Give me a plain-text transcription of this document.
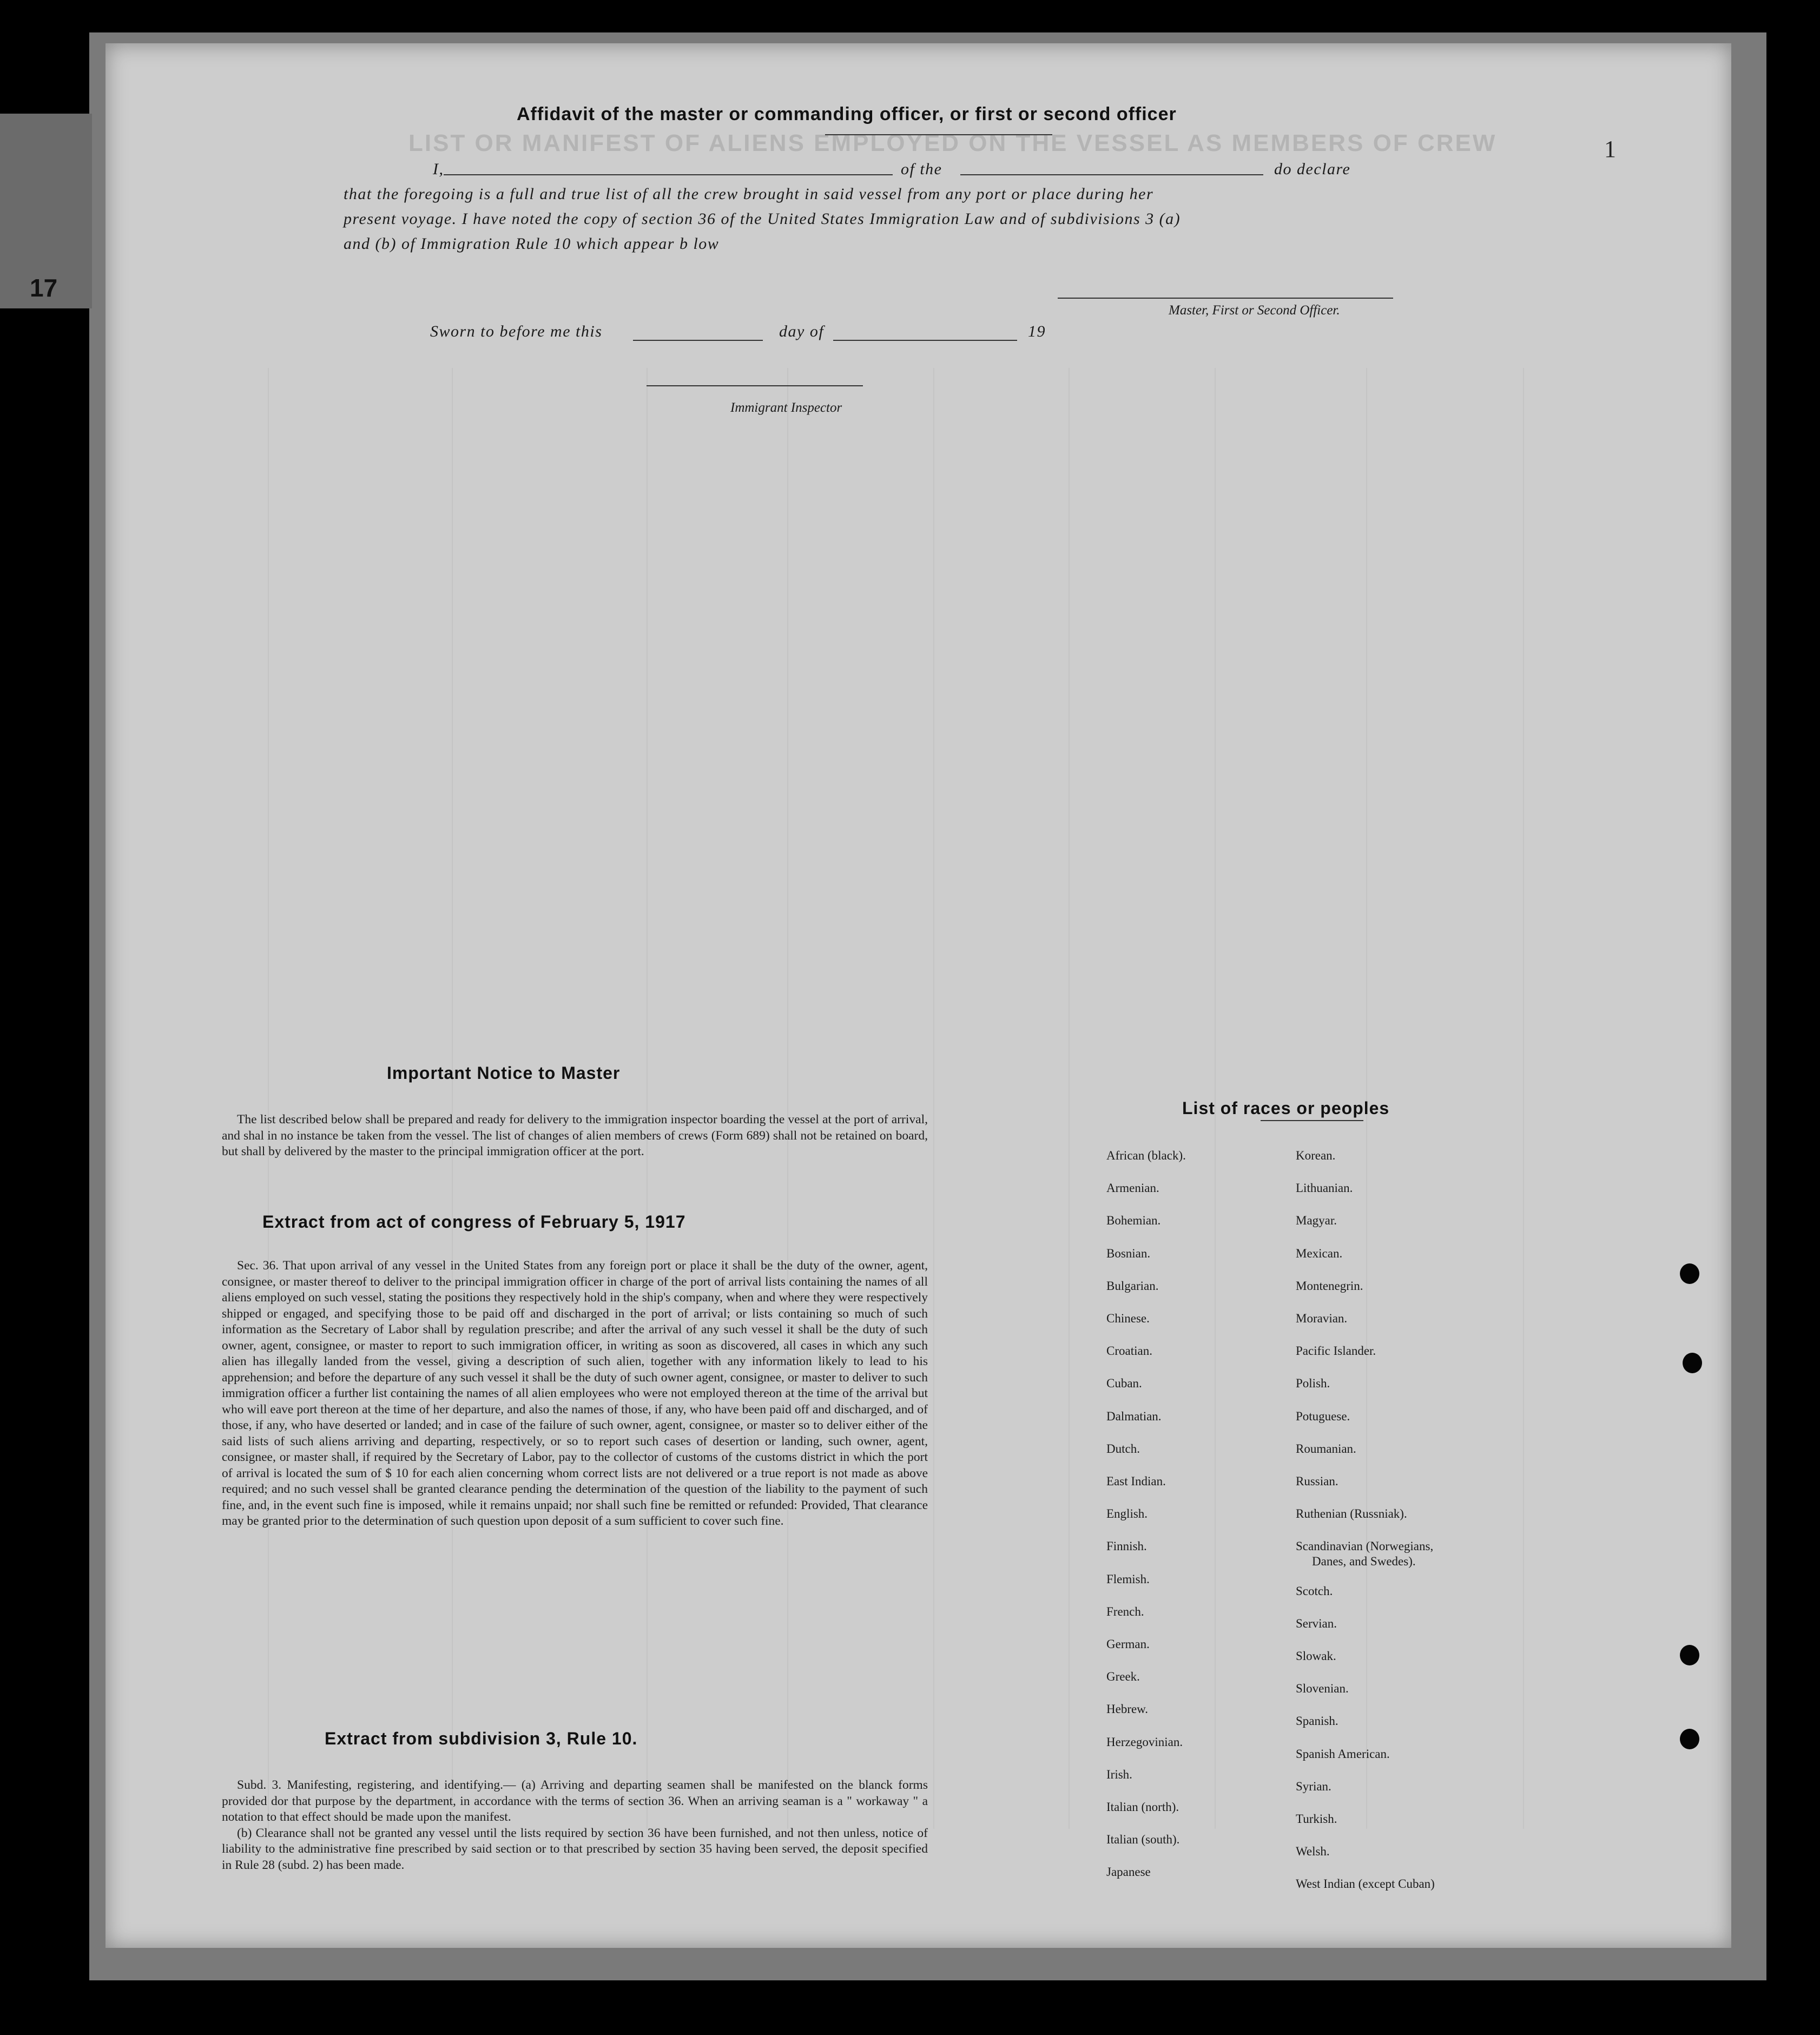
17
LIST OR MANIFEST OF ALIENS EMPLOYED ON THE VESSEL AS MEMBERS OF CREW	1
Affidavit of the master or commanding officer, or first or second officer
I,	of the	do declare
that the foregoing is a full and true list of all the crew brought in said vessel from any port or place during her
present voyage. I have noted the copy of section 36 of the United States Immigration Law and of subdivisions 3 (a)
and (b) of Immigration Rule 10 which appear b low
Master, First or Second Officer.
Sworn to before me this	day of	19
Immigrant Inspector
Important Notice to Master

The list described below shall be prepared and ready for delivery to the immigration inspector boarding the vessel at the port of arrival, and shal in no instance be taken from the vessel. The list of changes of alien members of crews (Form 689) shall not be retained on board, but shall by delivered by the master to the principal immigration officer at the port.

Extract from act of congress of February 5, 1917

Sec. 36. That upon arrival of any vessel in the United States from any foreign port or place it shall be the duty of the owner, agent, consignee, or master thereof to deliver to the principal immigration officer in charge of the port of arrival lists containing the names of all aliens employed on such vessel, stating the positions they respectively hold in the ship's company, when and where they were respectively shipped or engaged, and specifying those to be paid off and discharged in the port of arrival; or lists containing so much of such information as the Secretary of Labor shall by regulation prescribe; and after the arrival of any such vessel it shall be the duty of such owner, agent, consignee, or master to report to such immigration officer, in writing as soon as discovered, all cases in which any such alien has illegally landed from the vessel, giving a description of such alien, together with any information likely to lead to his apprehension; and before the departure of any such vessel it shall be the duty of such owner agent, consignee, or master to deliver to such immigration officer a further list containing the names of all alien employees who were not employed thereon at the time of the arrival but who will eave port thereon at the time of her departure, and also the names of those, if any, who have been paid off and discharged, and of those, if any, who have deserted or landed; and in case of the failure of such owner, agent, consignee, or master so to deliver either of the said lists of such aliens arriving and departing, respectively, or so to report such cases of desertion or landing, such owner, agent, consignee, or master shall, if required by the Secretary of Labor, pay to the collector of customs of the customs district in which the port of arrival is located the sum of $ 10 for each alien concerning whom correct lists are not delivered or a true report is not made as above required; and no such vessel shall be granted clearance pending the determination of the question of the liability to the payment of such fine, and, in the event such fine is imposed, while it remains unpaid; nor shall such fine be remitted or refunded: Provided, That clearance may be granted prior to the determination of such question upon deposit of a sum sufficient to cover such fine.

Extract from subdivision 3, Rule 10.

Subd. 3. Manifesting, registering, and identifying.— (a) Arriving and departing seamen shall be manifested on the blanck forms provided dor that purpose by the department, in accordance with the terms of section 36. When an arriving seaman is a " workaway " a notation to that effect should be made upon the manifest.

(b) Clearance shall not be granted any vessel until the lists required by section 36 have been furnished, and not then unless, notice of liability to the administrative fine prescribed by said section or to that prescribed by section 35 having been served, the deposit specified in Rule 28 (subd. 2) has been made.

List of races or peoples
African (black).
Armenian.
Bohemian.
Bosnian.
Bulgarian.
Chinese.
Croatian.
Cuban.
Dalmatian.
Dutch.
East Indian.
English.
Finnish.
Flemish.
French.
German.
Greek.
Hebrew.
Herzegovinian.
Irish.
Italian (north).
Italian (south).
Japanese
Korean.
Lithuanian.
Magyar.
Mexican.
Montenegrin.
Moravian.
Pacific Islander.
Polish.
Potuguese.
Roumanian.
Russian.
Ruthenian (Russniak).
Scandinavian (Norwegians,
Danes, and Swedes).
Scotch.
Servian.
Slowak.
Slovenian.
Spanish.
Spanish American.
Syrian.
Turkish.
Welsh.
West Indian (except Cuban)
